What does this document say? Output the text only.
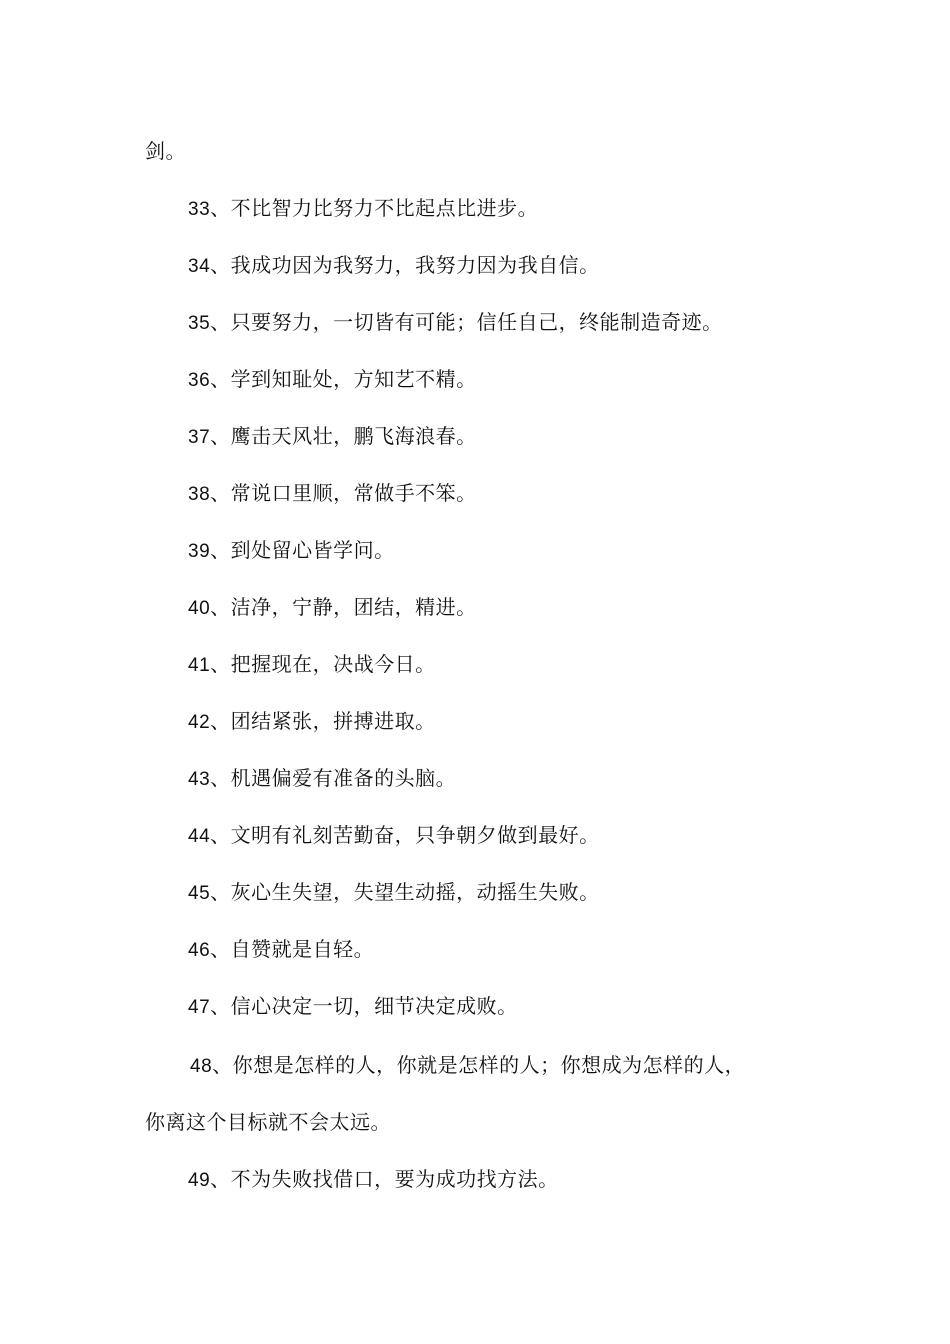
剑。
33、不比智力比努力不比起点比进步。
34、我成功因为我努力，我努力因为我自信。
35、只要努力，一切皆有可能；信任自己，终能制造奇迹。
36、学到知耻处，方知艺不精。
37、鹰击天风壮，鹏飞海浪春。
38、常说口里顺，常做手不笨。
39、到处留心皆学问。
40、洁净，宁静，团结，精进。
41、把握现在，决战今日。
42、团结紧张，拼搏进取。
43、机遇偏爱有准备的头脑。
44、文明有礼刻苦勤奋，只争朝夕做到最好。
45、灰心生失望，失望生动摇，动摇生失败。
46、自赞就是自轻。
47、信心决定一切，细节决定成败。
48、你想是怎样的人，你就是怎样的人；你想成为怎样的人，
你离这个目标就不会太远。
49、不为失败找借口，要为成功找方法。
